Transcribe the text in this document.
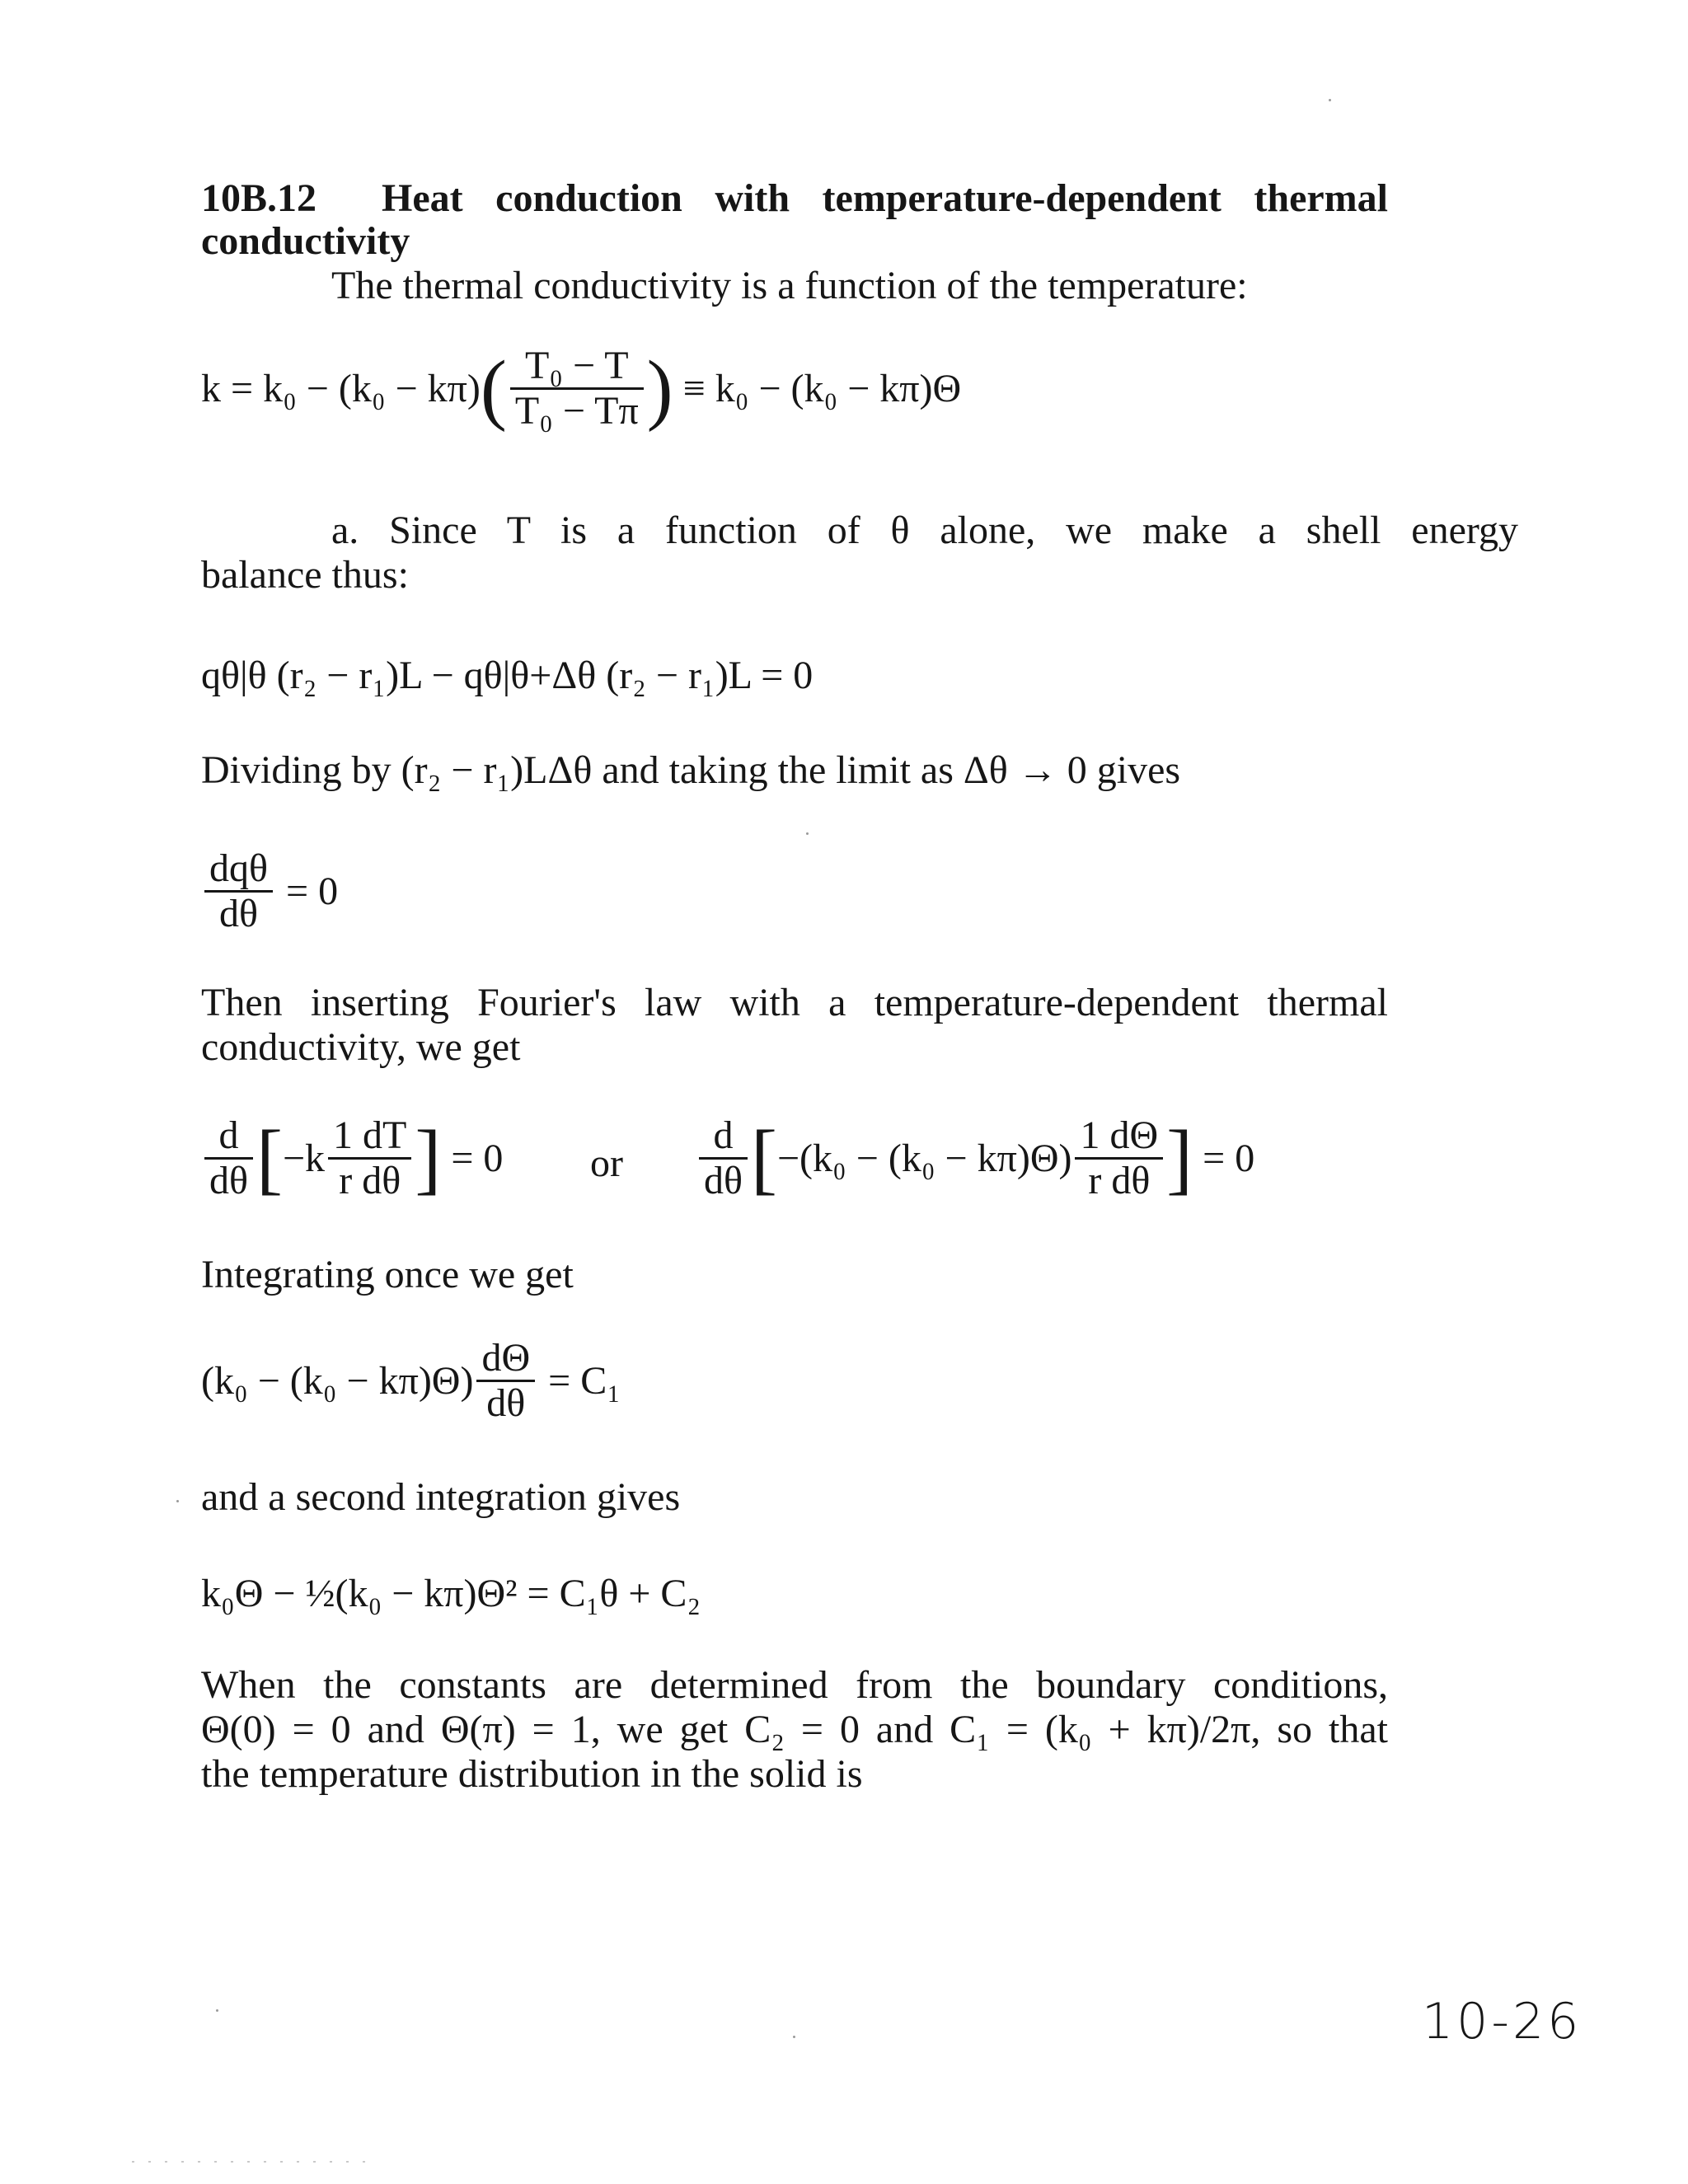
10B.12 Heat conduction with temperature-dependent thermal
conductivity
The thermal conductivity is a function of the temperature:
$k = k_0 - (k_0 - k\pi)( \frac{\text{T₀ − T}}{\text{T₀ − Tπ}}$ ) ≡ k₀ − (k₀ − kπ)Θ
a. Since T is a function of θ alone, we make a shell energy
balance thus:
qθ|θ (r₂ − r₁)L − qθ|θ+Δθ (r₂ − r₁)L = 0
Dividing by (r₂ − r₁)LΔθ and taking the limit as Δθ → 0 gives
$\frac{\text{dqθ}}{d\theta} = 0$
Then inserting Fourier's law with a temperature-dependent thermal
conductivity, we get
$\frac{d}{d\theta} [-k \frac{1 dT}{\text{r dθ}}$ ] = 0 or $\frac{d}{d\theta} [-(k_0 - (k_0 - k\pi)\Theta) \frac{1 d\Theta}{\text{r dθ}}$ ] = 0
Integrating once we get
$(k_0 - (k_0 - k\pi)\Theta) \frac{d\Theta}{d\theta} = C_1$
and a second integration gives
k₀Θ − ½(k₀ − kπ)Θ² = C₁θ + C₂
When the constants are determined from the boundary conditions,
Θ(0) = 0 and Θ(π) = 1, we get C₂ = 0 and C₁ = (k₀ + kπ)/2π, so that
the temperature distribution in the solid is
10-26
